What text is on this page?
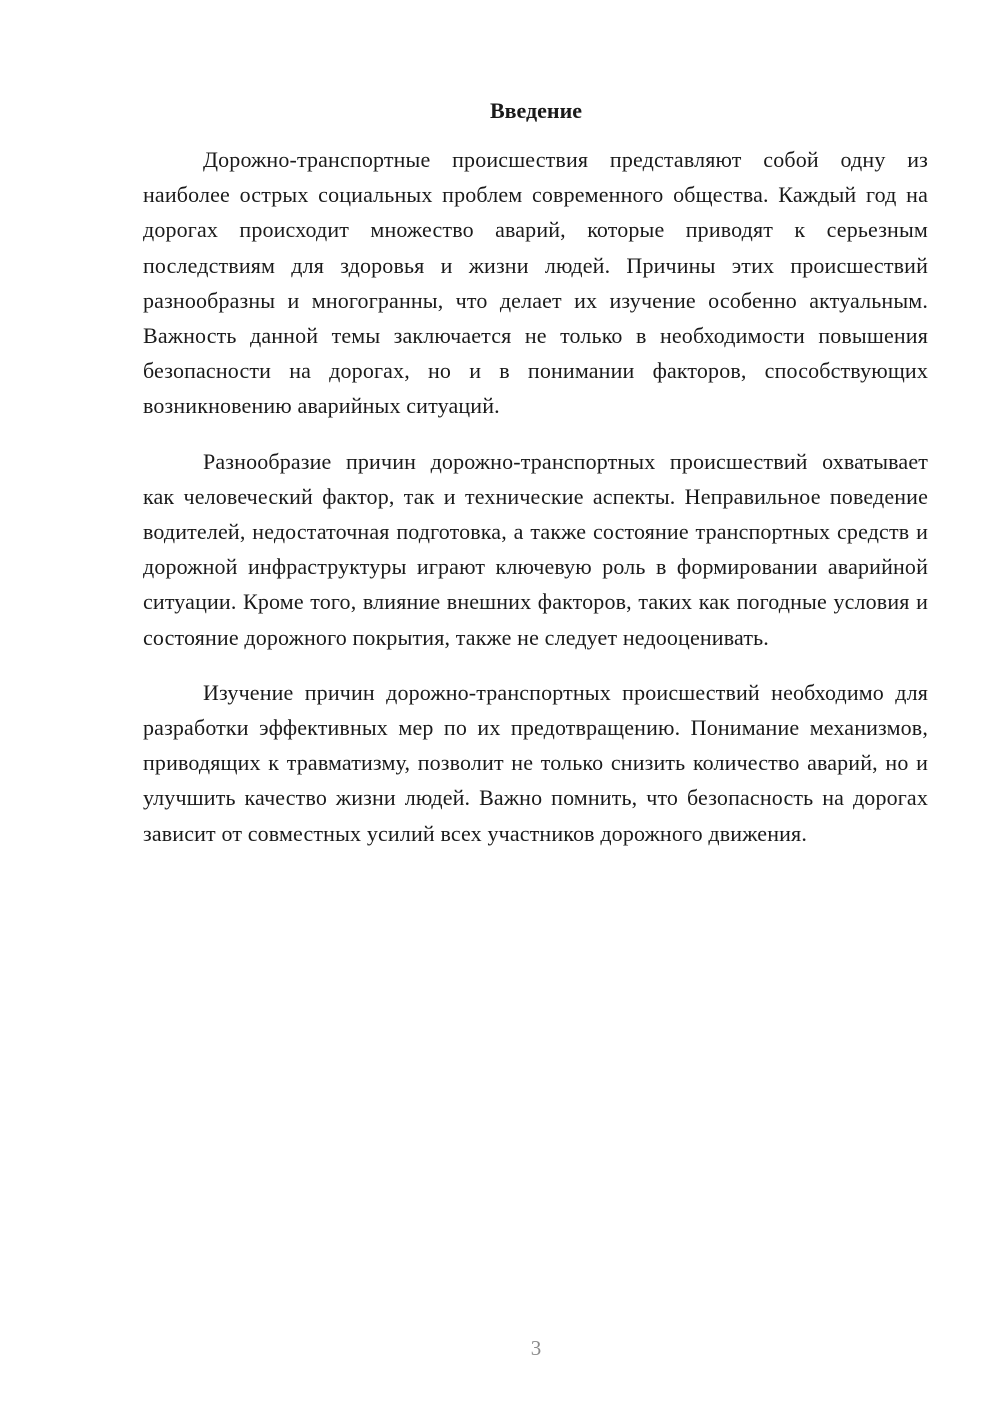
Введение

Дорожно-транспортные происшествия представляют собой одну из наиболее острых социальных проблем современного общества. Каждый год на дорогах происходит множество аварий, которые приводят к серьезным последствиям для здоровья и жизни людей. Причины этих происшествий разнообразны и многогранны, что делает их изучение особенно актуальным. Важность данной темы заключается не только в необходимости повышения безопасности на дорогах, но и в понимании факторов, способствующих возникновению аварийных ситуаций.

Разнообразие причин дорожно-транспортных происшествий охватывает как человеческий фактор, так и технические аспекты. Неправильное поведение водителей, недостаточная подготовка, а также состояние транспортных средств и дорожной инфраструктуры играют ключевую роль в формировании аварийной ситуации. Кроме того, влияние внешних факторов, таких как погодные условия и состояние дорожного покрытия, также не следует недооценивать.

Изучение причин дорожно-транспортных происшествий необходимо для разработки эффективных мер по их предотвращению. Понимание механизмов, приводящих к травматизму, позволит не только снизить количество аварий, но и улучшить качество жизни людей. Важно помнить, что безопасность на дорогах зависит от совместных усилий всех участников дорожного движения.

3
